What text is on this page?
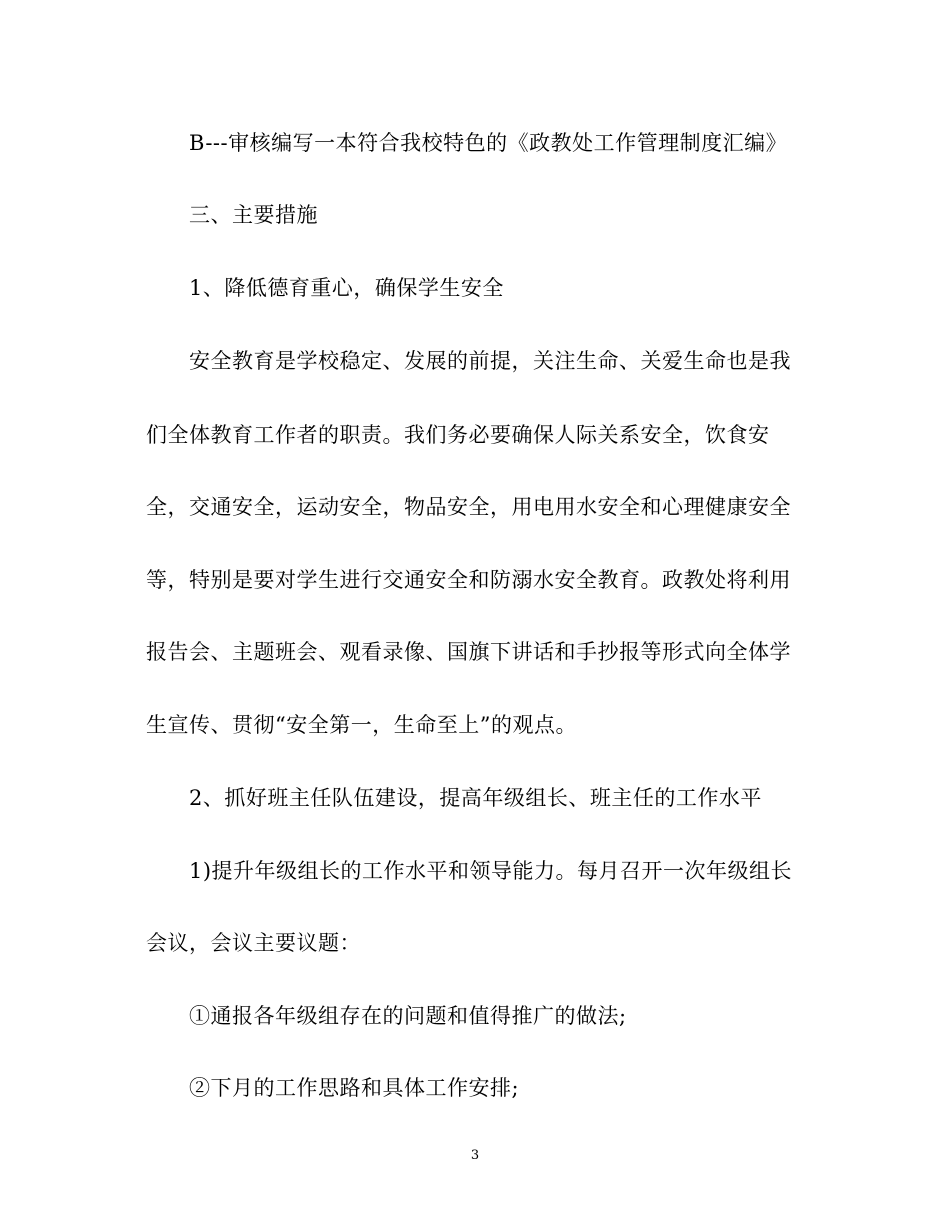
B---审核编写一本符合我校特色的《政教处工作管理制度汇编》
三、主要措施
1、降低德育重心，确保学生安全
安全教育是学校稳定、发展的前提，关注生命、关爱生命也是我
们全体教育工作者的职责。我们务必要确保人际关系安全，饮食安
全，交通安全，运动安全，物品安全，用电用水安全和心理健康安全
等，特别是要对学生进行交通安全和防溺水安全教育。政教处将利用
报告会、主题班会、观看录像、国旗下讲话和手抄报等形式向全体学
生宣传、贯彻“安全第一，生命至上”的观点。
2、抓好班主任队伍建设，提高年级组长、班主任的工作水平
1)提升年级组长的工作水平和领导能力。每月召开一次年级组长
会议，会议主要议题：
①通报各年级组存在的问题和值得推广的做法;
②下月的工作思路和具体工作安排;
3
